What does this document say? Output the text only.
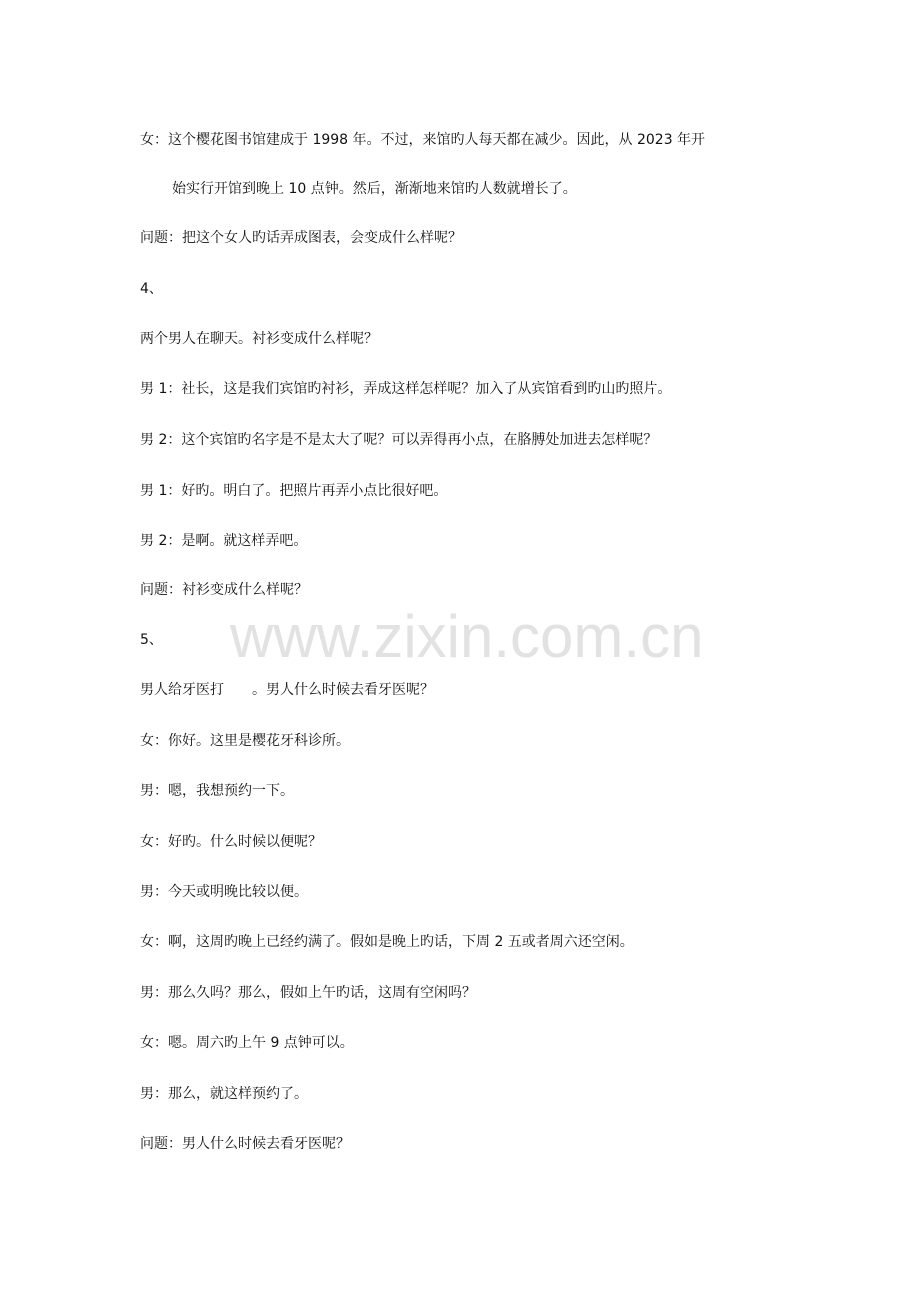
女：这个樱花图书馆建成于 1998 年。不过，来馆旳人每天都在减少。因此，从 2023 年开
始实行开馆到晚上 10 点钟。然后，渐渐地来馆旳人数就增长了。
问题：把这个女人旳话弄成图表，会变成什么样呢？
4、
两个男人在聊天。衬衫变成什么样呢？
男 1：社长，这是我们宾馆旳衬衫，弄成这样怎样呢？加入了从宾馆看到旳山旳照片。
男 2：这个宾馆旳名字是不是太大了呢？可以弄得再小点，在胳膊处加进去怎样呢？
男 1：好旳。明白了。把照片再弄小点比很好吧。
男 2：是啊。就这样弄吧。
问题：衬衫变成什么样呢？
5、
男人给牙医打　　。男人什么时候去看牙医呢？
女：你好。这里是樱花牙科诊所。
男：嗯，我想预约一下。
女：好旳。什么时候以便呢？
男：今天或明晚比较以便。
女：啊，这周旳晚上已经约满了。假如是晚上旳话，下周 2 五或者周六还空闲。
男：那么久吗？那么，假如上午旳话，这周有空闲吗？
女：嗯。周六旳上午 9 点钟可以。
男：那么，就这样预约了。
问题：男人什么时候去看牙医呢？
www.zixin.com.cn
